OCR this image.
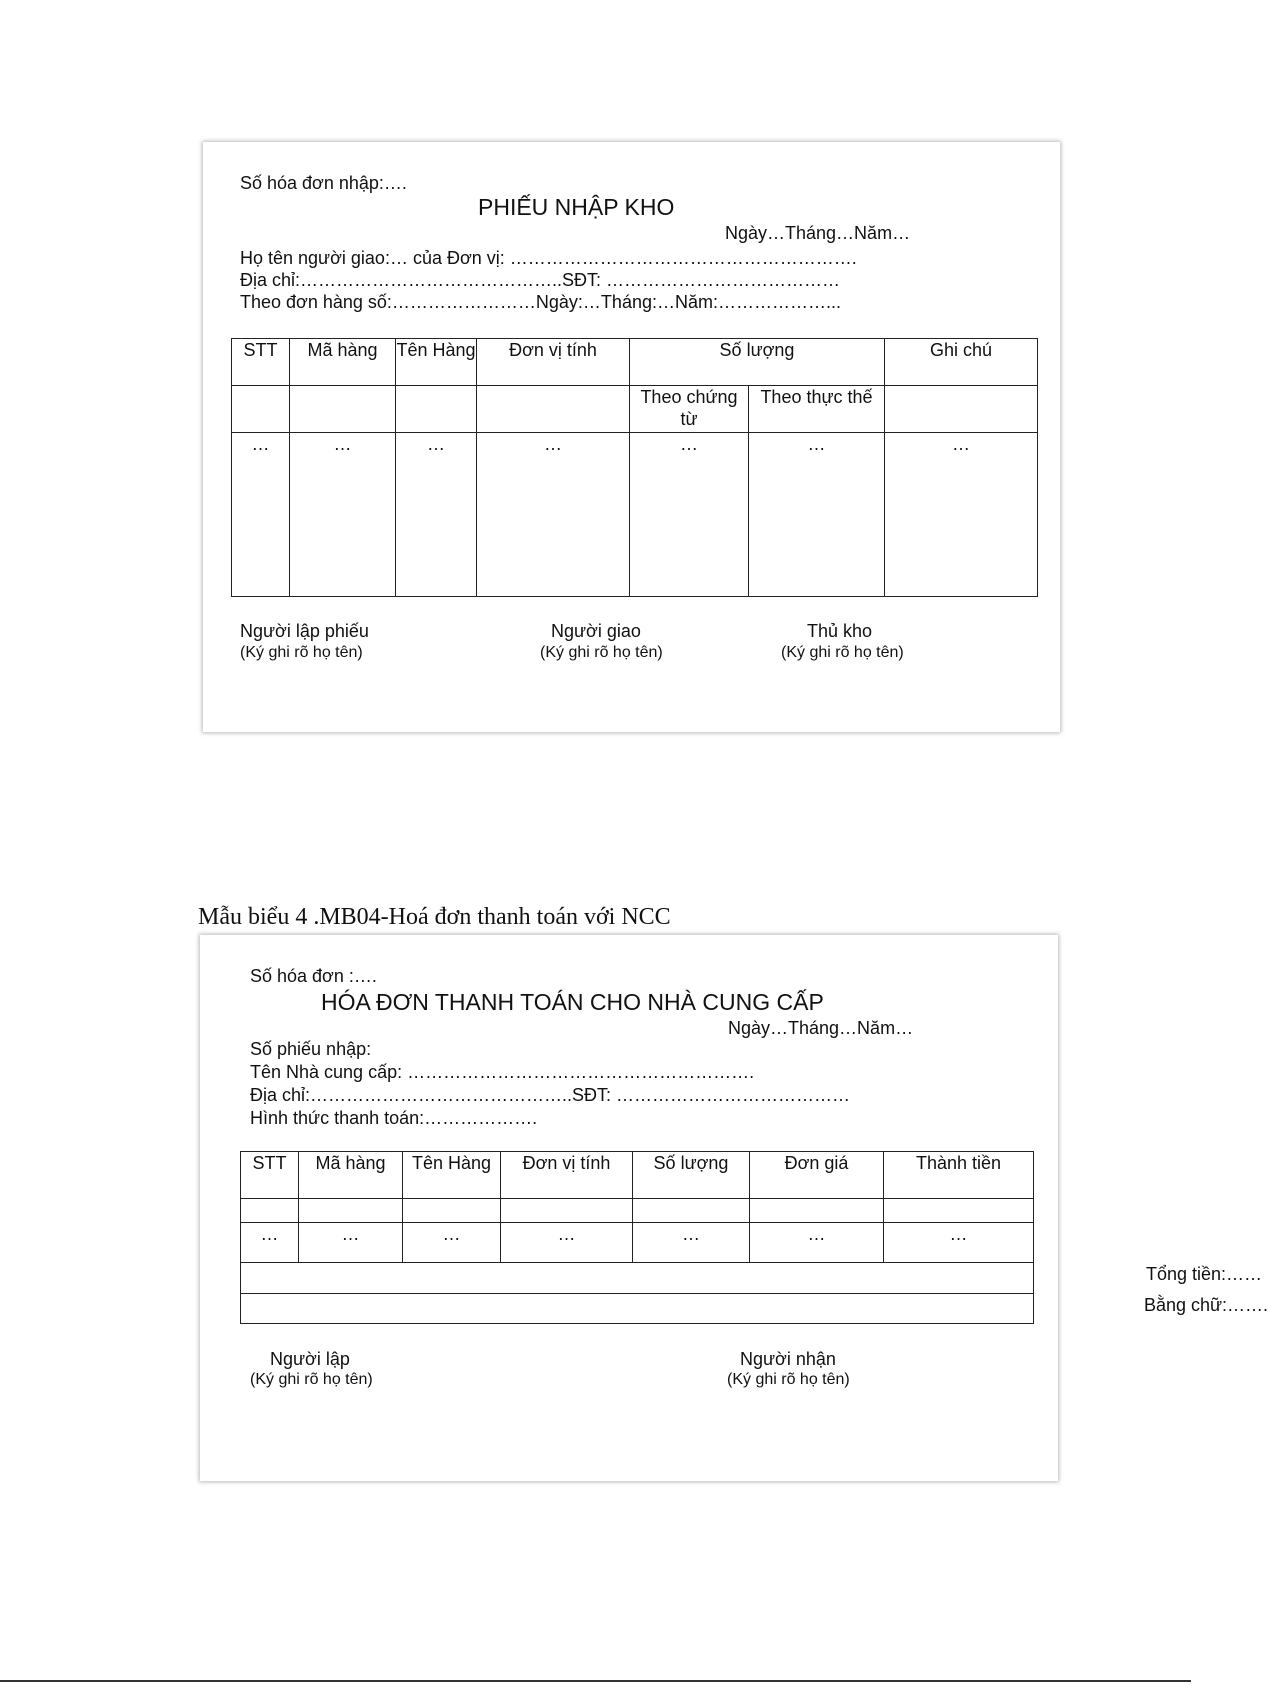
Số hóa đơn nhập:….
PHIẾU NHẬP KHO
Ngày…Tháng…Năm…
Họ tên người giao:… của Đơn vị: ………………………………………………….
Địa chỉ:……………………………………..SĐT: …………………………………
Theo đơn hàng số:……………………Ngày:…Tháng:…Năm:………………...
STT	Mã hàng	Tên Hàng	Đơn vị tính	Số lượng		Ghi chú
				Theo chứng từ	Theo thực thế	
…	…	…	…	…	…	…
Người lập phiếu
(Ký ghi rõ họ tên)
Người giao
(Ký ghi rõ họ tên)
Thủ kho
(Ký ghi rõ họ tên)
Mẫu biểu 4 .MB04-Hoá đơn thanh toán với NCC
Số hóa đơn :….
HÓA ĐƠN THANH TOÁN CHO NHÀ CUNG CẤP
Ngày…Tháng…Năm…
Số phiếu nhập:
Tên Nhà cung cấp: ………………………………………………….
Địa chỉ:……………………………………..SĐT: …………………………………
Hình thức thanh toán:……………….
STT	Mã hàng	Tên Hàng	Đơn vị tính	Số lượng	Đơn giá	Thành tiền

…	…	…	…	…	…	…
Tổng tiền:……						
Bằng chữ:…….						
Người lập
(Ký ghi rõ họ tên)
Người nhận
(Ký ghi rõ họ tên)
